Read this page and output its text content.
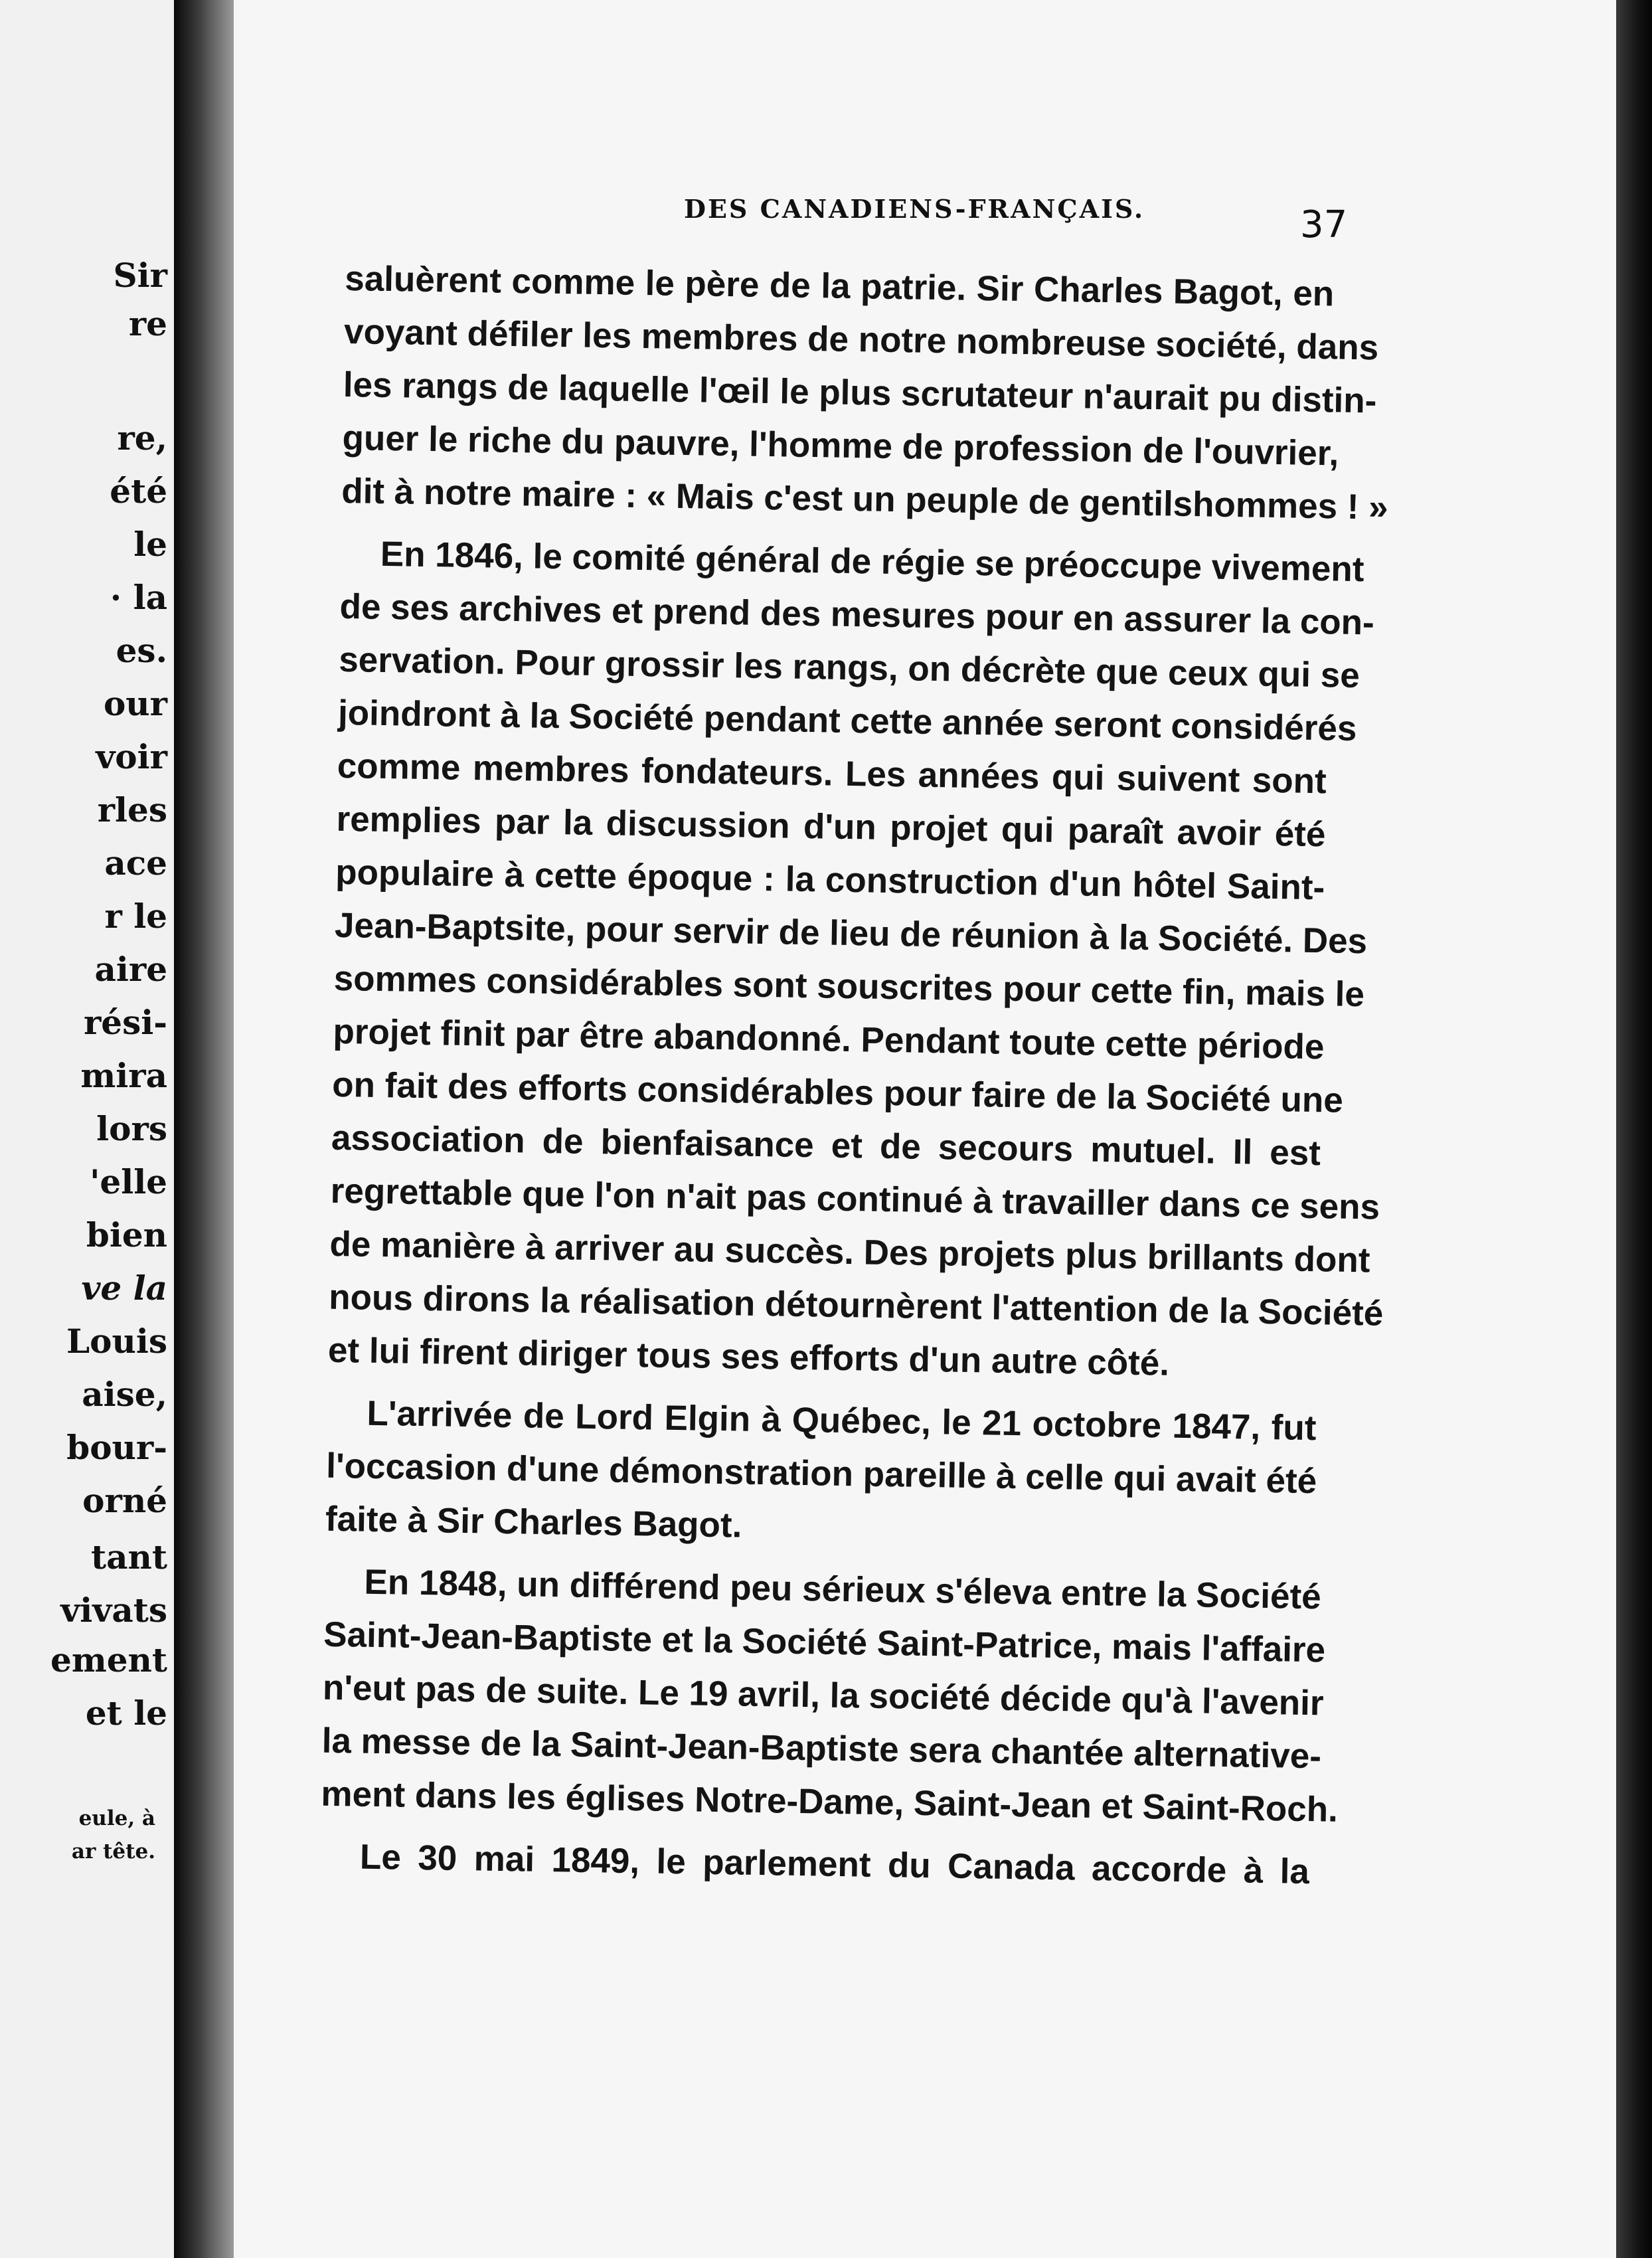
Sir
re
re,
été
le
· la
es.
our
voir
rles
ace
r le
aire
rési-
mira
lors
'elle
bien
ve la
Louis
aise,
bour-
orné
tant
vivats
ement
et le
eule, à
ar tête.
DES CANADIENS-FRANÇAIS.	37
saluèrent comme le père de la patrie. Sir Charles Bagot, en
voyant défiler les membres de notre nombreuse société, dans
les rangs de laquelle l'œil le plus scrutateur n'aurait pu distin-
guer le riche du pauvre, l'homme de profession de l'ouvrier,
dit à notre maire : « Mais c'est un peuple de gentilshommes ! »
En 1846, le comité général de régie se préoccupe vivement
de ses archives et prend des mesures pour en assurer la con-
servation. Pour grossir les rangs, on décrète que ceux qui se
joindront à la Société pendant cette année seront considérés
comme membres fondateurs. Les années qui suivent sont
remplies par la discussion d'un projet qui paraît avoir été
populaire à cette époque : la construction d'un hôtel Saint-
Jean-Baptsite, pour servir de lieu de réunion à la Société. Des
sommes considérables sont souscrites pour cette fin, mais le
projet finit par être abandonné. Pendant toute cette période
on fait des efforts considérables pour faire de la Société une
association de bienfaisance et de secours mutuel. Il est
regrettable que l'on n'ait pas continué à travailler dans ce sens
de manière à arriver au succès. Des projets plus brillants dont
nous dirons la réalisation détournèrent l'attention de la Société
et lui firent diriger tous ses efforts d'un autre côté.
L'arrivée de Lord Elgin à Québec, le 21 octobre 1847, fut
l'occasion d'une démonstration pareille à celle qui avait été
faite à Sir Charles Bagot.
En 1848, un différend peu sérieux s'éleva entre la Société
Saint-Jean-Baptiste et la Société Saint-Patrice, mais l'affaire
n'eut pas de suite. Le 19 avril, la société décide qu'à l'avenir
la messe de la Saint-Jean-Baptiste sera chantée alternative-
ment dans les églises Notre-Dame, Saint-Jean et Saint-Roch.
Le 30 mai 1849, le parlement du Canada accorde à la
